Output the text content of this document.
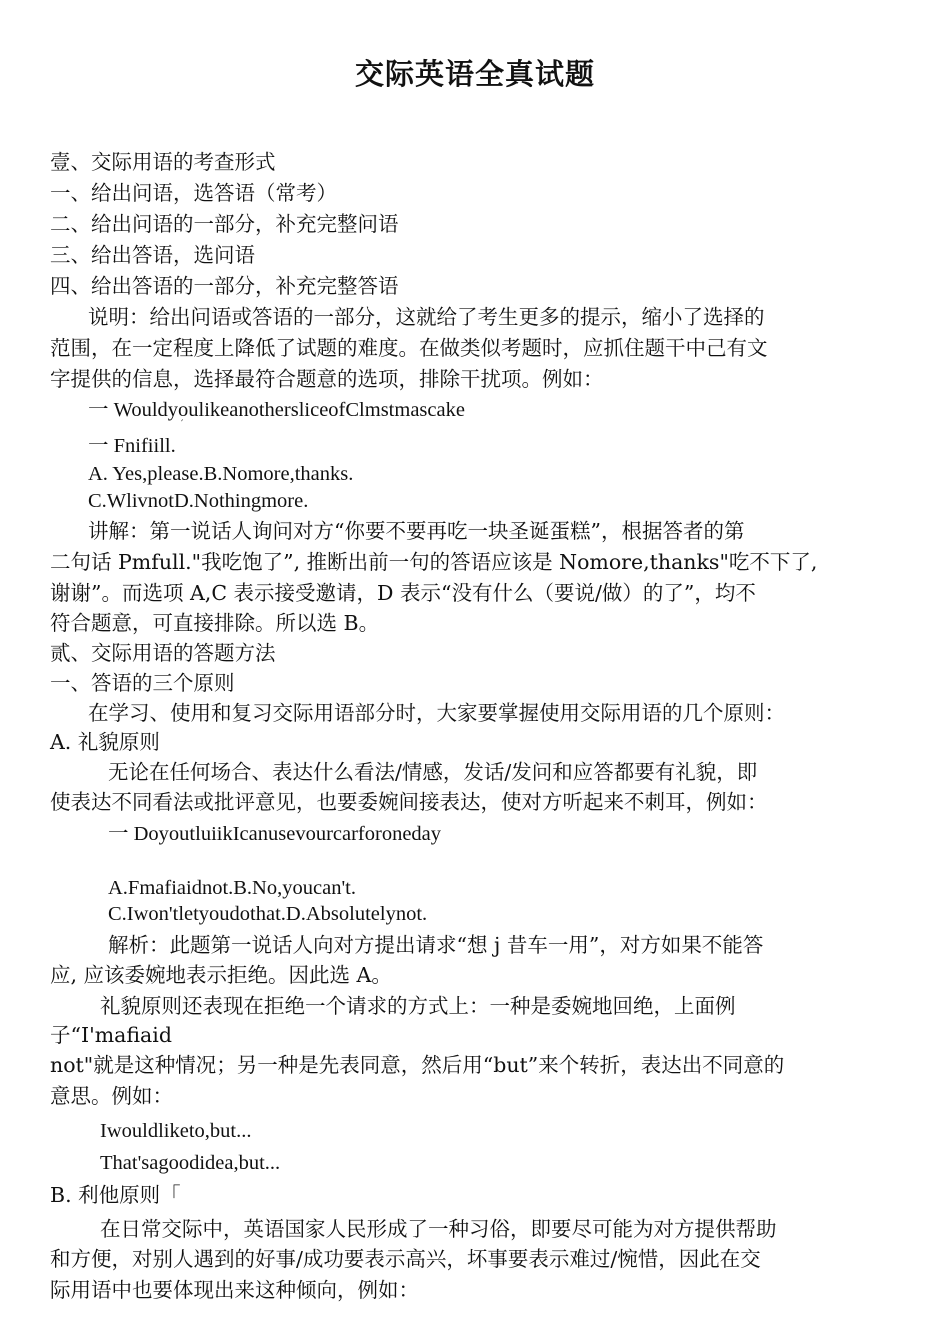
交际英语全真试题
壹、交际用语的考查形式
一、给出问语，选答语（常考）
二、给出问语的一部分，补充完整问语
三、给出答语，选问语
四、给出答语的一部分，补充完整答语
说明：给出问语或答语的一部分，这就给了考生更多的提示，缩小了选择的
范围，在一定程度上降低了试题的难度。在做类似考题时，应抓住题干中己有文
字提供的信息，选择最符合题意的选项，排除干扰项。例如：
一 WouldyoulikeanothersliceofClmstmascake
′
一 Fnifiill.
A. Yes,please.B.Nomore,thanks.
C.WlivnotD.Nothingmore.
讲解：第一说话人询问对方“你要不要再吃一块圣诞蛋糕”，根据答者的第
二句话 Pmfull."我吃饱了”, 推断出前一句的答语应该是 Nomore,thanks"吃不下了,
谢谢”。而选项 A,C 表示接受邀请，D 表示“没有什么（要说/做）的了”，均不
符合题意，可直接排除。所以选 B。
贰、交际用语的答题方法
一、答语的三个原则
在学习、使用和复习交际用语部分时，大家要掌握使用交际用语的几个原则：
A. 礼貌原则
无论在任何场合、表达什么看法/情感，发话/发问和应答都要有礼貌，即
使表达不同看法或批评意见，也要委婉间接表达，使对方听起来不刺耳，例如：
一 DoyoutluiikIcanusevourcarforoneday
A.Fmafiaidnot.B.No,youcan't.
C.Iwon'tletyoudothat.D.Absolutelynot.
解析：此题第一说话人向对方提出请求“想 j 昔车一用”，对方如果不能答
应, 应该委婉地表示拒绝。因此选 A。
礼貌原则还表现在拒绝一个请求的方式上：一种是委婉地回绝，上面例
子“I'mafiaid
not"就是这种情况；另一种是先表同意，然后用“but”来个转折，表达出不同意的
意思。例如：
Iwouldliketo,but...
That'sagoodidea,but...
B. 利他原则「
在日常交际中，英语国家人民形成了一种习俗，即要尽可能为对方提供帮助
和方便，对别人遇到的好事/成功要表示高兴，坏事要表示难过/惋惜，因此在交
际用语中也要体现出来这种倾向，例如：
